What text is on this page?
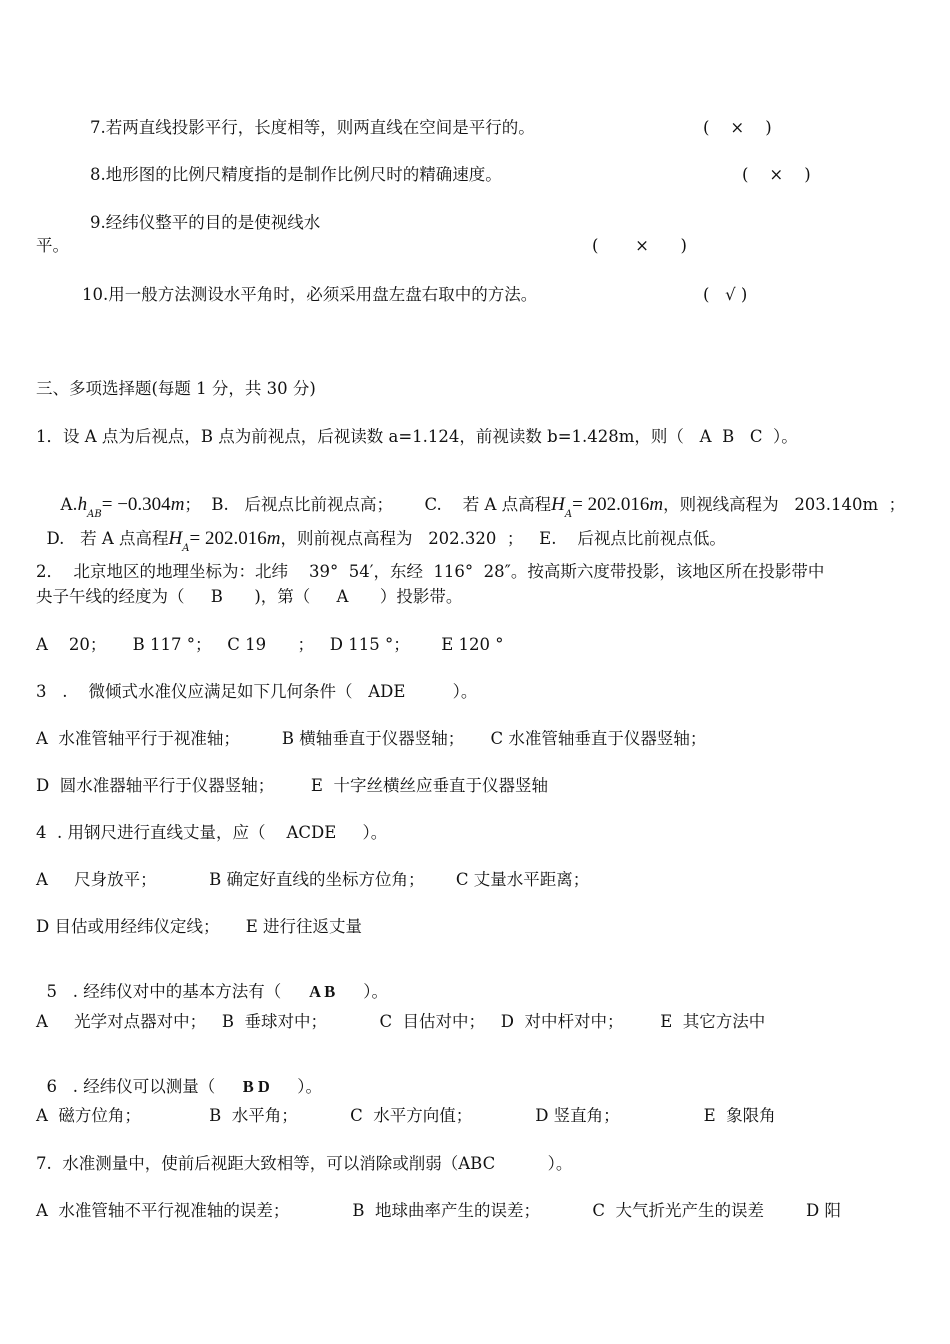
7.若两直线投影平行，长度相等，则两直线在空间是平行的。	(    ×    )
8.地形图的比例尺精度指的是制作比例尺时的精确速度。	(    ×    )
9.经纬仪整平的目的是使视线水
平。	(       ×      )
10.用一般方法测设水平角时，必须采用盘左盘右取中的方法。	(   √ )
三、多项选择题(每题 1 分，共 30 分)
1．设 A 点为后视点，B 点为前视点，后视读数 a=1.124，前视读数 b=1.428m，则（   A  B   C  ）。

$A.h_{AB}= -0.304m$；  B.   后视点比前视点高；      C.    若 A 点高程$H_A= 202.016m$，则视线高程为   203.140m  ；

D.   若 A 点高程$H_A= 202.016m$，则前视点高程为   202.320  ；   E.    后视点比前视点低。

2．  北京地区的地理坐标为：北纬    39°  54′，东经  116°  28″。按高斯六度带投影，该地区所在投影带中
央子午线的经度为（     B      )，第（     A      ）投影带。
A    20；     B 117 °；   C 19      ；   D 115 °；      E 120 °
3   .    微倾式水准仪应满足如下几何条件（   ADE         ）。
A  水准管轴平行于视准轴；        B 横轴垂直于仪器竖轴；     C 水准管轴垂直于仪器竖轴；
D  圆水准器轴平行于仪器竖轴；       E  十字丝横丝应垂直于仪器竖轴
4  . 用钢尺进行直线丈量，应（    ACDE     ）。
A     尺身放平；          B 确定好直线的坐标方位角；      C 丈量水平距离；
D 目估或用经纬仪定线；     E 进行往返丈量

5   . 经纬仪对中的基本方法有（ A B ）。

A     光学对点器对中；   B  垂球对中；          C  目估对中；   D  对中杆对中；       E  其它方法中

6   . 经纬仪可以测量（ B D ）。

A  磁方位角；             B  水平角；          C  水平方向值；            D 竖直角；                E  象限角
7.  水准测量中，使前后视距大致相等，可以消除或削弱（ABC          ）。
A  水准管轴不平行视准轴的误差；            B  地球曲率产生的误差；          C  大气折光产生的误差        D 阳
